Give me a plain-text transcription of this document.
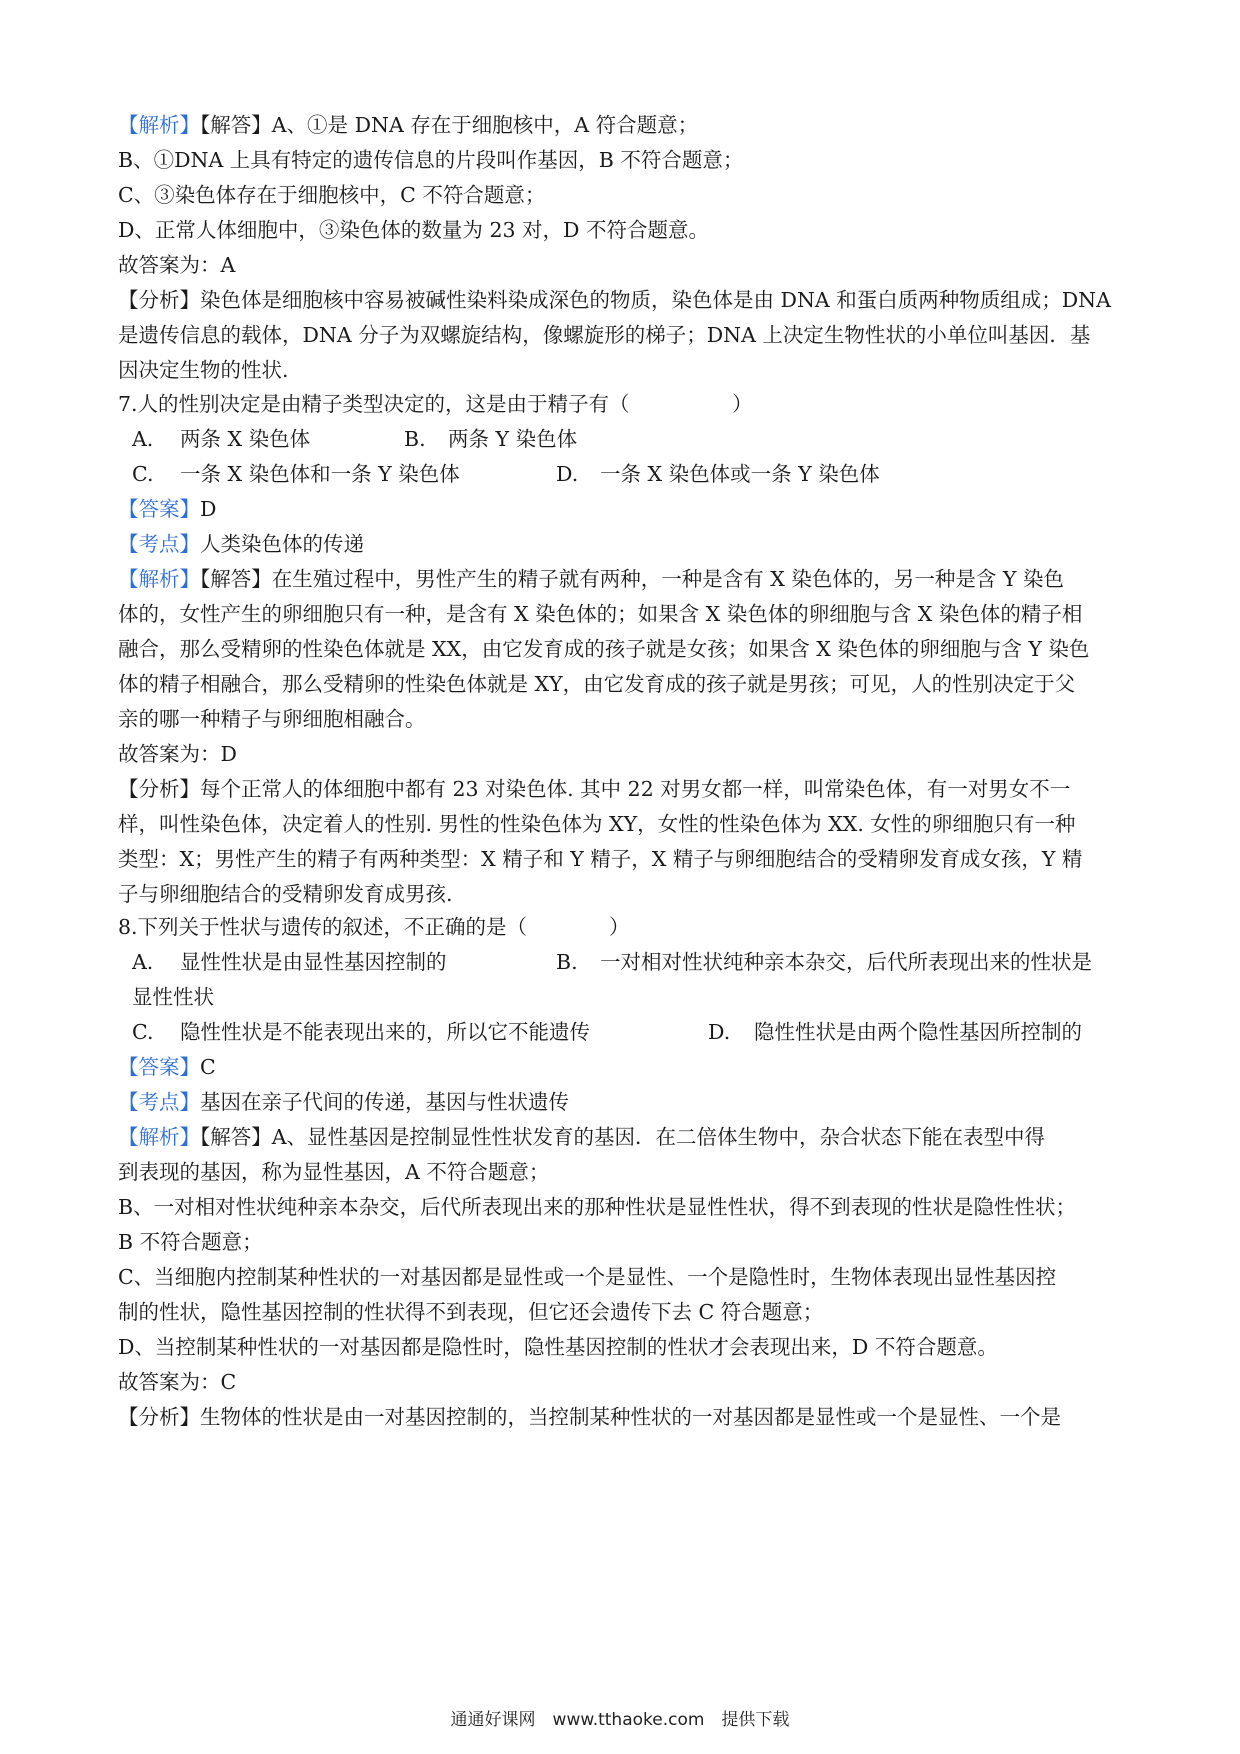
【解析】【解答】A、①是 DNA 存在于细胞核中，A 符合题意；
B、①DNA 上具有特定的遗传信息的片段叫作基因，B 不符合题意；
C、③染色体存在于细胞核中，C 不符合题意；
D、正常人体细胞中，③染色体的数量为 23 对，D 不符合题意。
故答案为：A
【分析】染色体是细胞核中容易被碱性染料染成深色的物质，染色体是由 DNA 和蛋白质两种物质组成；DNA
是遗传信息的载体，DNA 分子为双螺旋结构，像螺旋形的梯子；DNA 上决定生物性状的小单位叫基因．基
因决定生物的性状.
7.人的性别决定是由精子类型决定的，这是由于精子有（　　　　　）
A. 两条 X 染色体	B. 两条 Y 染色体
C. 一条 X 染色体和一条 Y 染色体	D. 一条 X 染色体或一条 Y 染色体
【答案】D
【考点】人类染色体的传递
【解析】【解答】在生殖过程中，男性产生的精子就有两种，一种是含有 X 染色体的，另一种是含 Y 染色
体的，女性产生的卵细胞只有一种，是含有 X 染色体的；如果含 X 染色体的卵细胞与含 X 染色体的精子相
融合，那么受精卵的性染色体就是 XX，由它发育成的孩子就是女孩；如果含 X 染色体的卵细胞与含 Y 染色
体的精子相融合，那么受精卵的性染色体就是 XY，由它发育成的孩子就是男孩；可见，人的性别决定于父
亲的哪一种精子与卵细胞相融合。
故答案为：D
【分析】每个正常人的体细胞中都有 23 对染色体. 其中 22 对男女都一样，叫常染色体，有一对男女不一
样，叫性染色体，决定着人的性别. 男性的性染色体为 XY，女性的性染色体为 XX. 女性的卵细胞只有一种
类型：X；男性产生的精子有两种类型：X 精子和 Y 精子，X 精子与卵细胞结合的受精卵发育成女孩，Y 精
子与卵细胞结合的受精卵发育成男孩.
8.下列关于性状与遗传的叙述，不正确的是（　　　　）
A. 显性性状是由显性基因控制的	B. 一对相对性状纯种亲本杂交，后代所表现出来的性状是
显性性状
C. 隐性性状是不能表现出来的，所以它不能遗传	D. 隐性性状是由两个隐性基因所控制的
【答案】C
【考点】基因在亲子代间的传递，基因与性状遗传
【解析】【解答】A、显性基因是控制显性性状发育的基因．在二倍体生物中，杂合状态下能在表型中得
到表现的基因，称为显性基因，A 不符合题意；
B、一对相对性状纯种亲本杂交，后代所表现出来的那种性状是显性性状，得不到表现的性状是隐性性状；
B 不符合题意；
C、当细胞内控制某种性状的一对基因都是显性或一个是显性、一个是隐性时，生物体表现出显性基因控
制的性状，隐性基因控制的性状得不到表现，但它还会遗传下去 C 符合题意；
D、当控制某种性状的一对基因都是隐性时，隐性基因控制的性状才会表现出来，D 不符合题意。
故答案为：C
【分析】生物体的性状是由一对基因控制的，当控制某种性状的一对基因都是显性或一个是显性、一个是
通通好课网　www.tthaoke.com　提供下载
